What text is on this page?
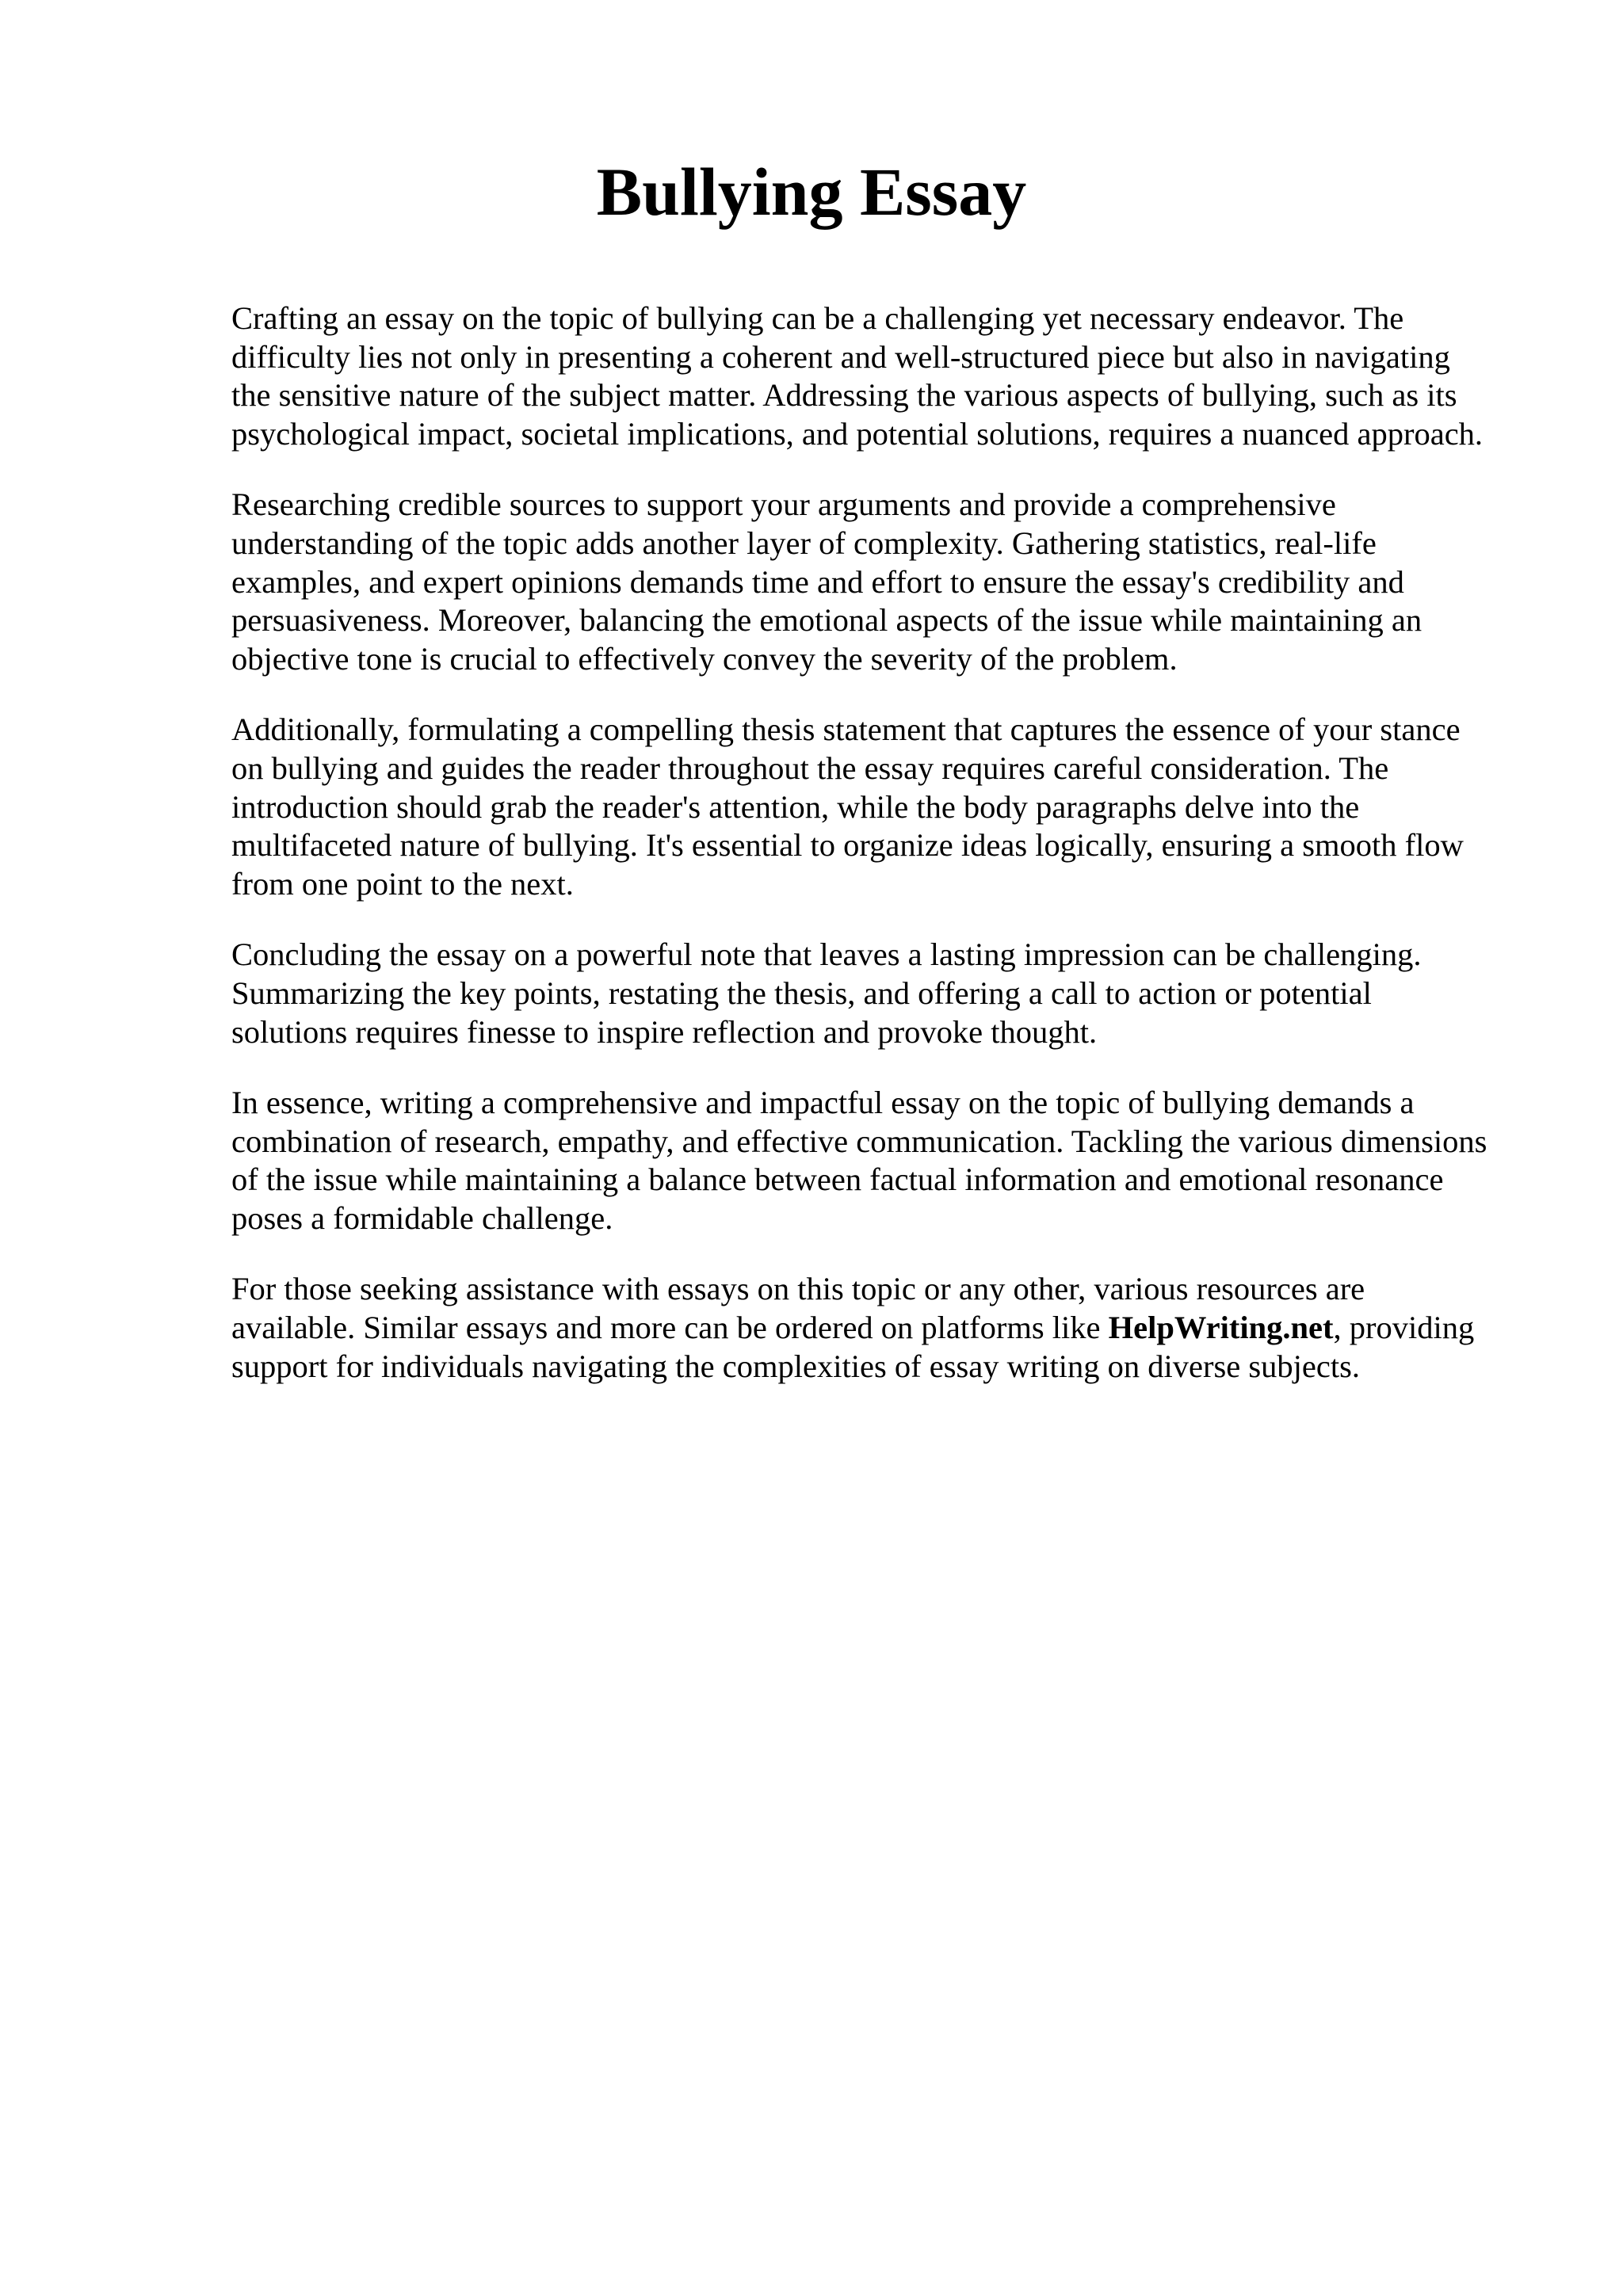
Bullying Essay

Crafting an essay on the topic of bullying can be a challenging yet necessary endeavor. The
difficulty lies not only in presenting a coherent and well-structured piece but also in navigating
the sensitive nature of the subject matter. Addressing the various aspects of bullying, such as its
psychological impact, societal implications, and potential solutions, requires a nuanced approach.

Researching credible sources to support your arguments and provide a comprehensive
understanding of the topic adds another layer of complexity. Gathering statistics, real-life
examples, and expert opinions demands time and effort to ensure the essay's credibility and
persuasiveness. Moreover, balancing the emotional aspects of the issue while maintaining an
objective tone is crucial to effectively convey the severity of the problem.

Additionally, formulating a compelling thesis statement that captures the essence of your stance
on bullying and guides the reader throughout the essay requires careful consideration. The
introduction should grab the reader's attention, while the body paragraphs delve into the
multifaceted nature of bullying. It's essential to organize ideas logically, ensuring a smooth flow
from one point to the next.

Concluding the essay on a powerful note that leaves a lasting impression can be challenging.
Summarizing the key points, restating the thesis, and offering a call to action or potential
solutions requires finesse to inspire reflection and provoke thought.

In essence, writing a comprehensive and impactful essay on the topic of bullying demands a
combination of research, empathy, and effective communication. Tackling the various dimensions
of the issue while maintaining a balance between factual information and emotional resonance
poses a formidable challenge.

For those seeking assistance with essays on this topic or any other, various resources are
available. Similar essays and more can be ordered on platforms like HelpWriting.net, providing
support for individuals navigating the complexities of essay writing on diverse subjects.
